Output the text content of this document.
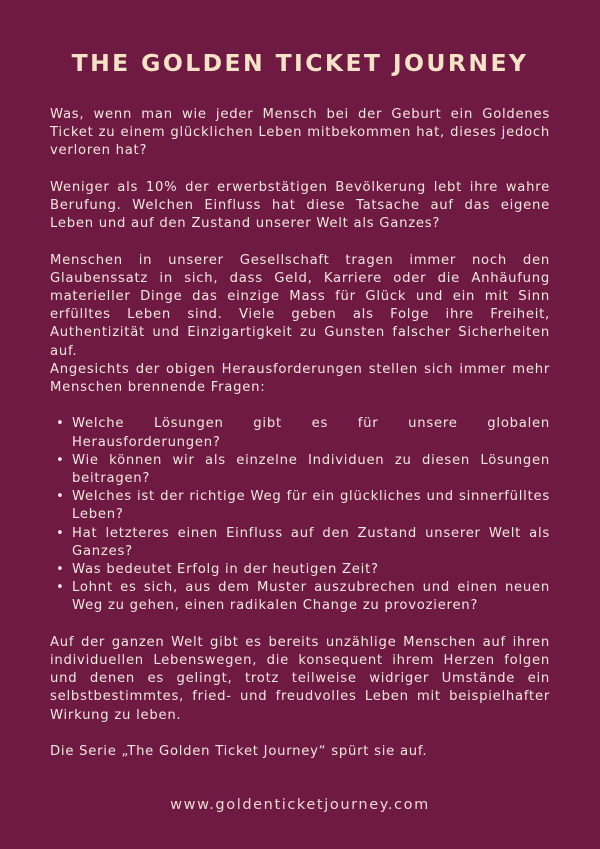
THE GOLDEN TICKET JOURNEY

Was, wenn man wie jeder Mensch bei der Geburt ein Goldenes Ticket zu einem glücklichen Leben mitbekommen hat, dieses jedoch verloren hat?

Weniger als 10% der erwerbstätigen Bevölkerung lebt ihre wahre Berufung. Welchen Einfluss hat diese Tatsache auf das eigene Leben und auf den Zustand unserer Welt als Ganzes?

Menschen in unserer Gesellschaft tragen immer noch den Glaubenssatz in sich, dass Geld, Karriere oder die Anhäufung materieller Dinge das einzige Mass für Glück und ein mit Sinn erfülltes Leben sind. Viele geben als Folge ihre Freiheit, Authentizität und Einzigartigkeit zu Gunsten falscher Sicherheiten auf.

Angesichts der obigen Herausforderungen stellen sich immer mehr Menschen brennende Fragen:

• Welche Lösungen gibt es für unsere globalen Herausforderungen?
• Wie können wir als einzelne Individuen zu diesen Lösungen beitragen?
• Welches ist der richtige Weg für ein glückliches und sinnerfülltes Leben?
• Hat letzteres einen Einfluss auf den Zustand unserer Welt als Ganzes?
• Was bedeutet Erfolg in der heutigen Zeit?
• Lohnt es sich, aus dem Muster auszubrechen und einen neuen Weg zu gehen, einen radikalen Change zu provozieren?

Auf der ganzen Welt gibt es bereits unzählige Menschen auf ihren individuellen Lebenswegen, die konsequent ihrem Herzen folgen und denen es gelingt, trotz teilweise widriger Umstände ein selbstbestimmtes, fried- und freudvolles Leben mit beispielhafter Wirkung zu leben.

Die Serie „The Golden Ticket Journey“ spürt sie auf.

www.goldenticketjourney.com
